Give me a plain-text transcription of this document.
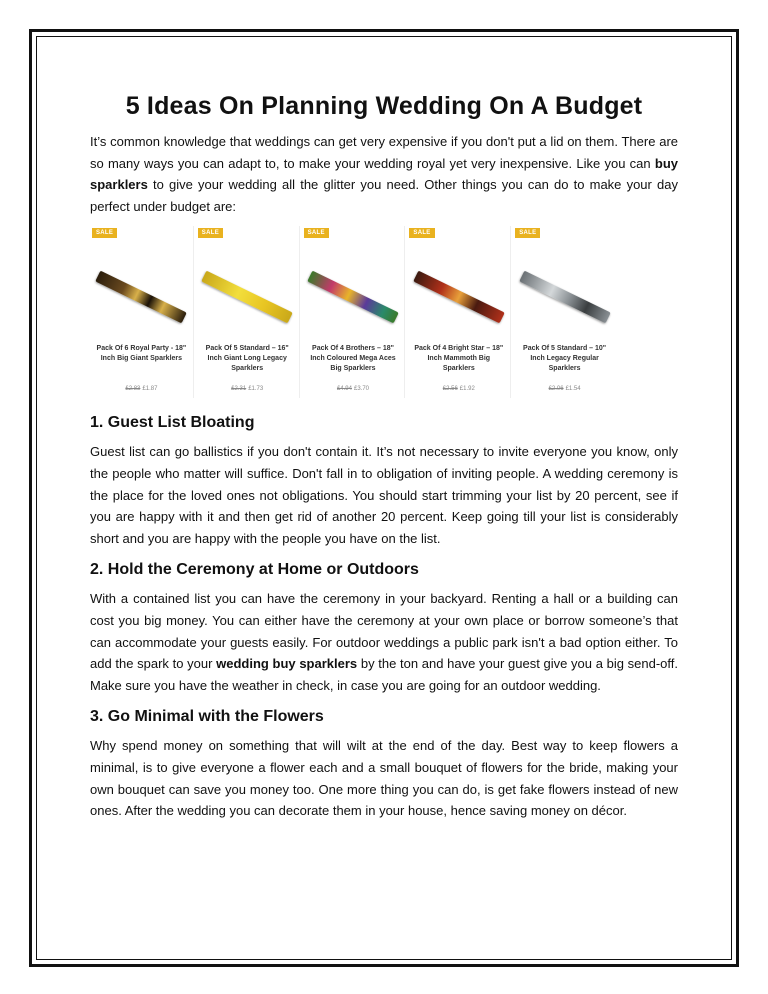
5 Ideas On Planning Wedding On A Budget

It’s common knowledge that weddings can get very expensive if you don't put a lid on them. There are so many ways you can adapt to, to make your wedding royal yet very inexpensive. Like you can buy sparklers to give your wedding all the glitter you need. Other things you can do to make your day perfect under budget are:

SALE
Pack Of 6 Royal Party - 18" Inch Big Giant Sparklers
£2.83 £1.87
SALE
Pack Of 5 Standard – 16" Inch Giant Long Legacy Sparklers
£2.31 £1.73
SALE
Pack Of 4 Brothers – 18" Inch Coloured Mega Aces Big Sparklers
£4.94 £3.70
SALE
Pack Of 4 Bright Star – 18" Inch Mammoth Big Sparklers
£2.56 £1.92
SALE
Pack Of 5 Standard – 10" Inch Legacy Regular Sparklers
£2.06 £1.54
1. Guest List Bloating

Guest list can go ballistics if you don't contain it. It’s not necessary to invite everyone you know, only the people who matter will suffice. Don't fall in to obligation of inviting people. A wedding ceremony is the place for the loved ones not obligations. You should start trimming your list by 20 percent, see if you are happy with it and then get rid of another 20 percent. Keep going till your list is considerably short and you are happy with the people you have on the list.

2. Hold the Ceremony at Home or Outdoors

With a contained list you can have the ceremony in your backyard. Renting a hall or a building can cost you big money. You can either have the ceremony at your own place or borrow someone’s that can accommodate your guests easily. For outdoor weddings a public park isn't a bad option either. To add the spark to your wedding buy sparklers by the ton and have your guest give you a big send-off. Make sure you have the weather in check, in case you are going for an outdoor wedding.

3. Go Minimal with the Flowers

Why spend money on something that will wilt at the end of the day. Best way to keep flowers a minimal, is to give everyone a flower each and a small bouquet of flowers for the bride, making your own bouquet can save you money too. One more thing you can do, is get fake flowers instead of new ones. After the wedding you can decorate them in your house, hence saving money on décor.
